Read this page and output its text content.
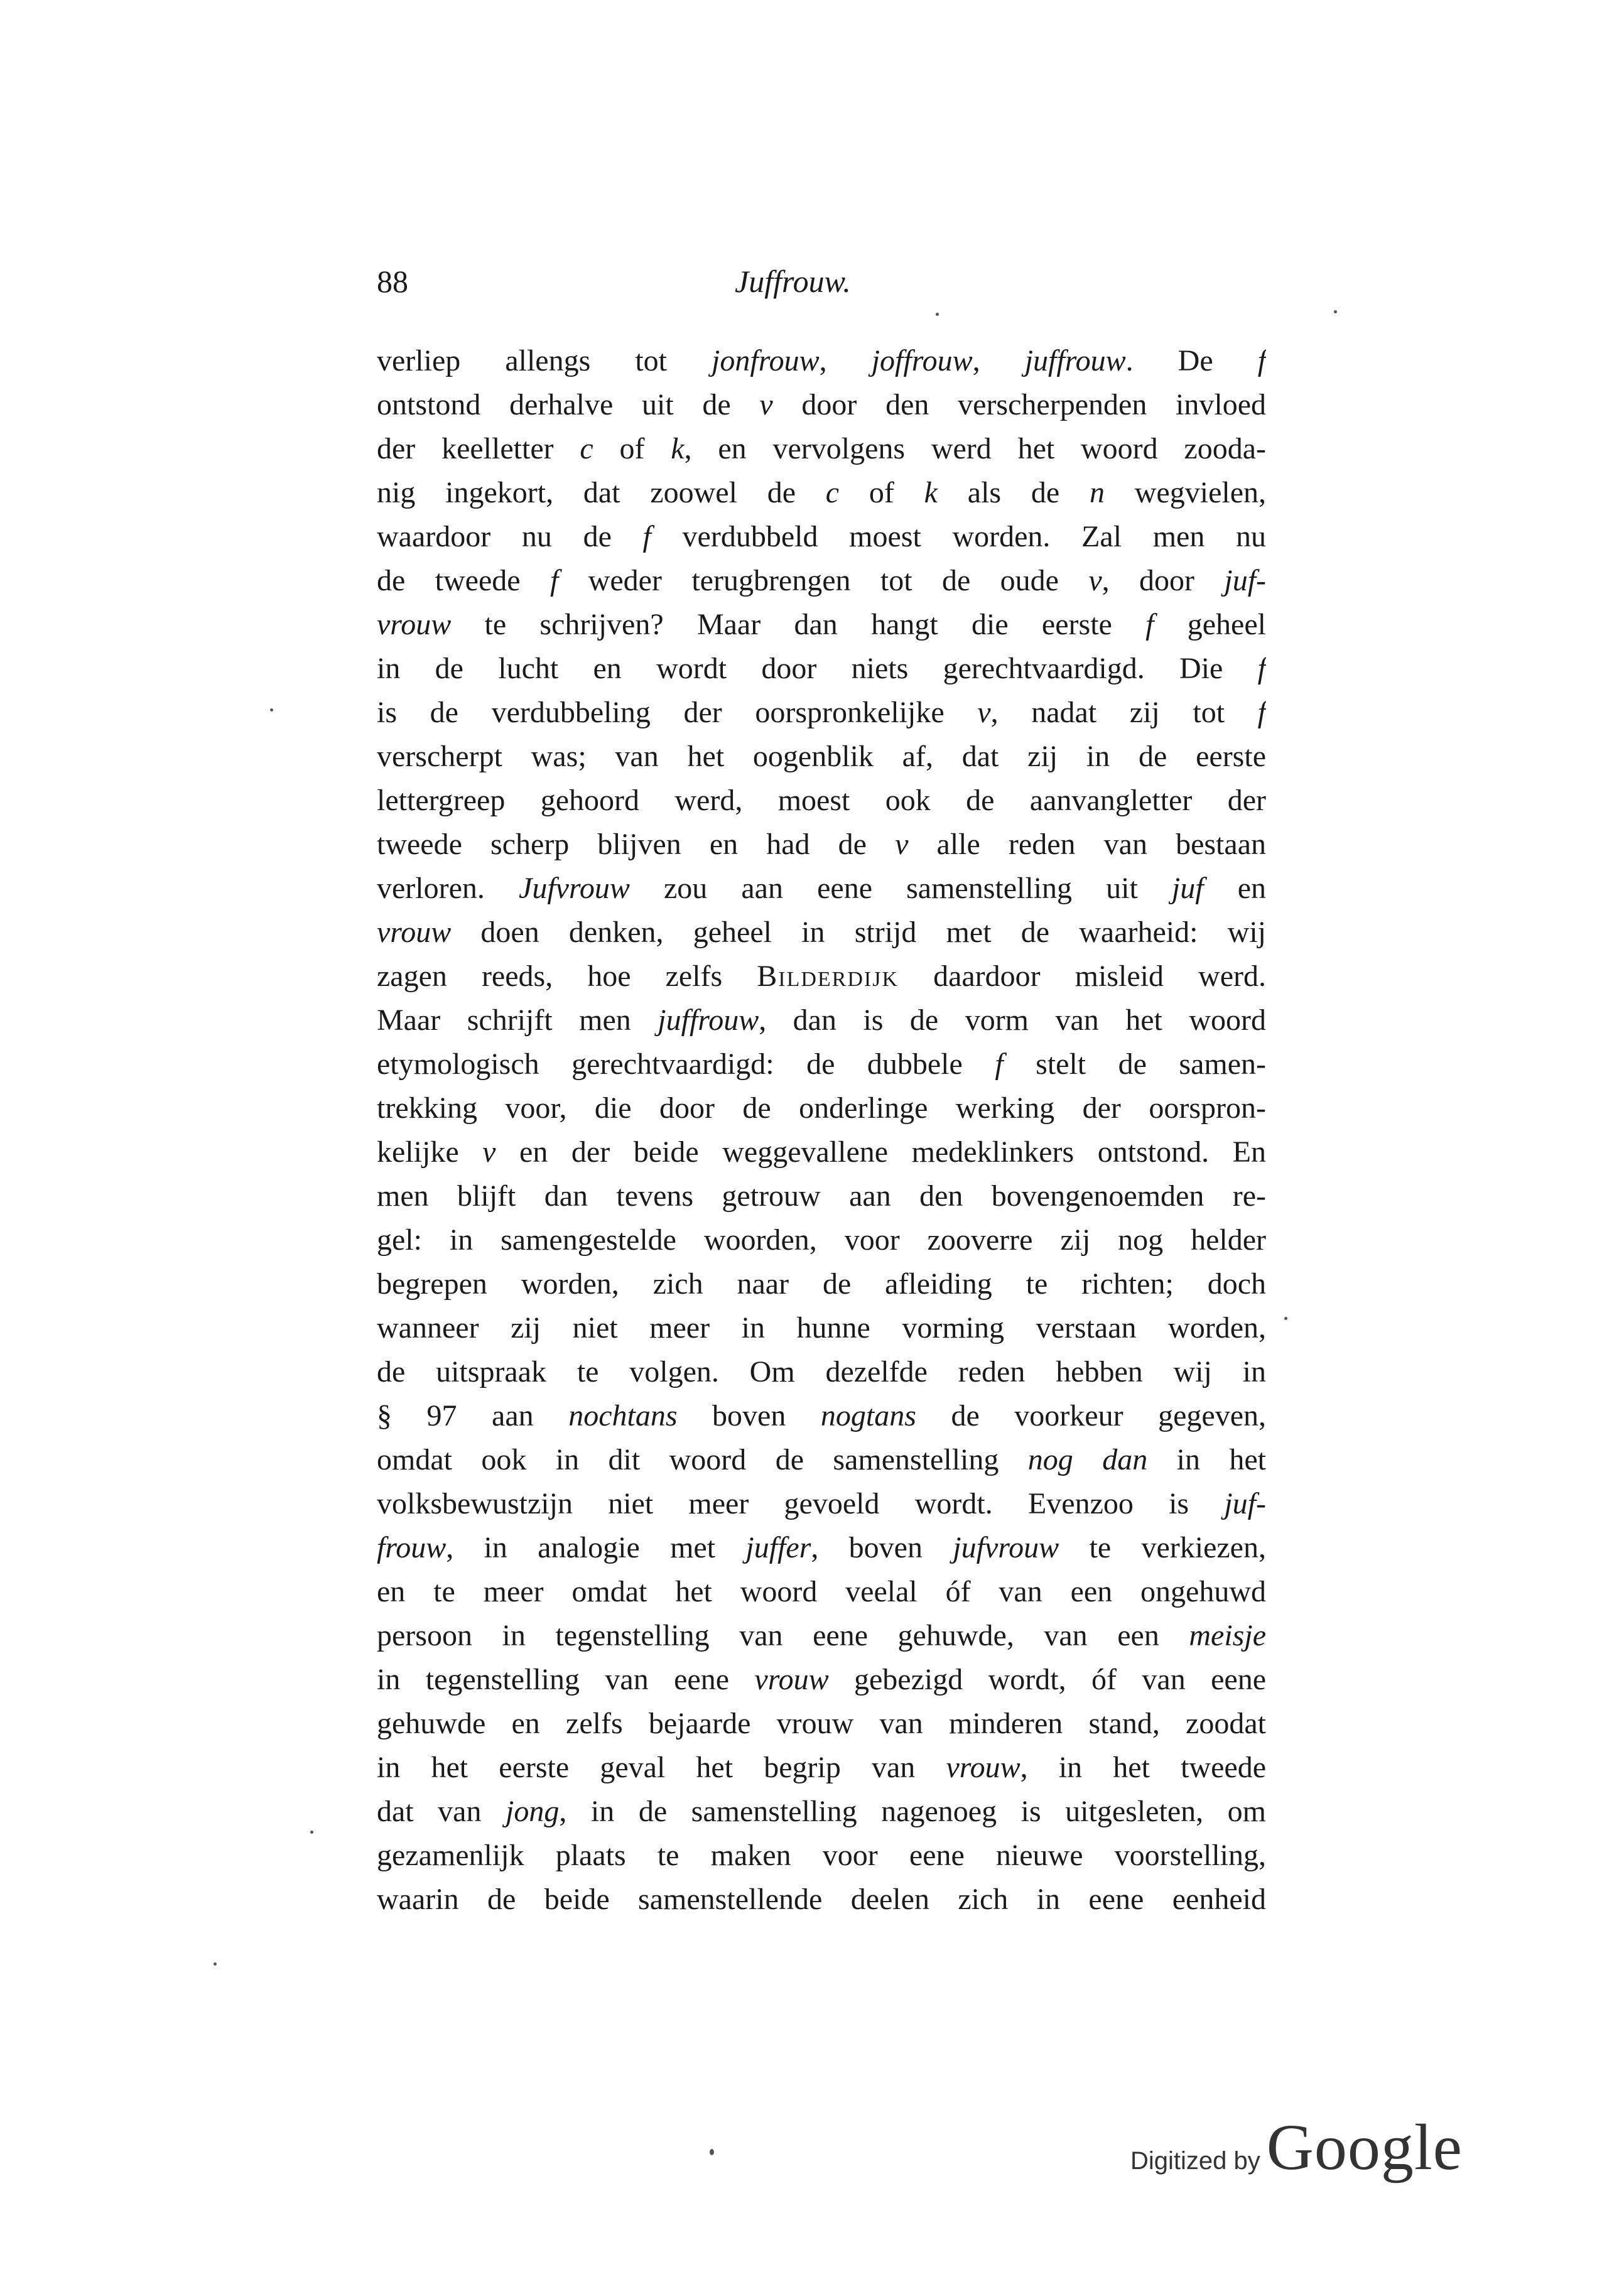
88	Juffrouw.
verliep allengs tot jonfrouw, joffrouw, juffrouw. De f
ontstond derhalve uit de v door den verscherpenden invloed
der keelletter c of k, en vervolgens werd het woord zooda-
nig ingekort, dat zoowel de c of k als de n wegvielen,
waardoor nu de f verdubbeld moest worden. Zal men nu
de tweede f weder terugbrengen tot de oude v, door juf-
vrouw te schrijven? Maar dan hangt die eerste f geheel
in de lucht en wordt door niets gerechtvaardigd. Die f
is de verdubbeling der oorspronkelijke v, nadat zij tot f
verscherpt was; van het oogenblik af, dat zij in de eerste
lettergreep gehoord werd, moest ook de aanvangletter der
tweede scherp blijven en had de v alle reden van bestaan
verloren. Jufvrouw zou aan eene samenstelling uit juf en
vrouw doen denken, geheel in strijd met de waarheid: wij
zagen reeds, hoe zelfs Bilderdijk daardoor misleid werd.
Maar schrijft men juffrouw, dan is de vorm van het woord
etymologisch gerechtvaardigd: de dubbele f stelt de samen-
trekking voor, die door de onderlinge werking der oorspron-
kelijke v en der beide weggevallene medeklinkers ontstond. En
men blijft dan tevens getrouw aan den bovengenoemden re-
gel: in samengestelde woorden, voor zooverre zij nog helder
begrepen worden, zich naar de afleiding te richten; doch
wanneer zij niet meer in hunne vorming verstaan worden,
de uitspraak te volgen. Om dezelfde reden hebben wij in
§ 97 aan nochtans boven nogtans de voorkeur gegeven,
omdat ook in dit woord de samenstelling nog dan in het
volksbewustzijn niet meer gevoeld wordt. Evenzoo is juf-
frouw, in analogie met juffer, boven jufvrouw te verkiezen,
en te meer omdat het woord veelal óf van een ongehuwd
persoon in tegenstelling van eene gehuwde, van een meisje
in tegenstelling van eene vrouw gebezigd wordt, óf van eene
gehuwde en zelfs bejaarde vrouw van minderen stand, zoodat
in het eerste geval het begrip van vrouw, in het tweede
dat van jong, in de samenstelling nagenoeg is uitgesleten, om
gezamenlijk plaats te maken voor eene nieuwe voorstelling,
waarin de beide samenstellende deelen zich in eene eenheid
Digitized by Google
